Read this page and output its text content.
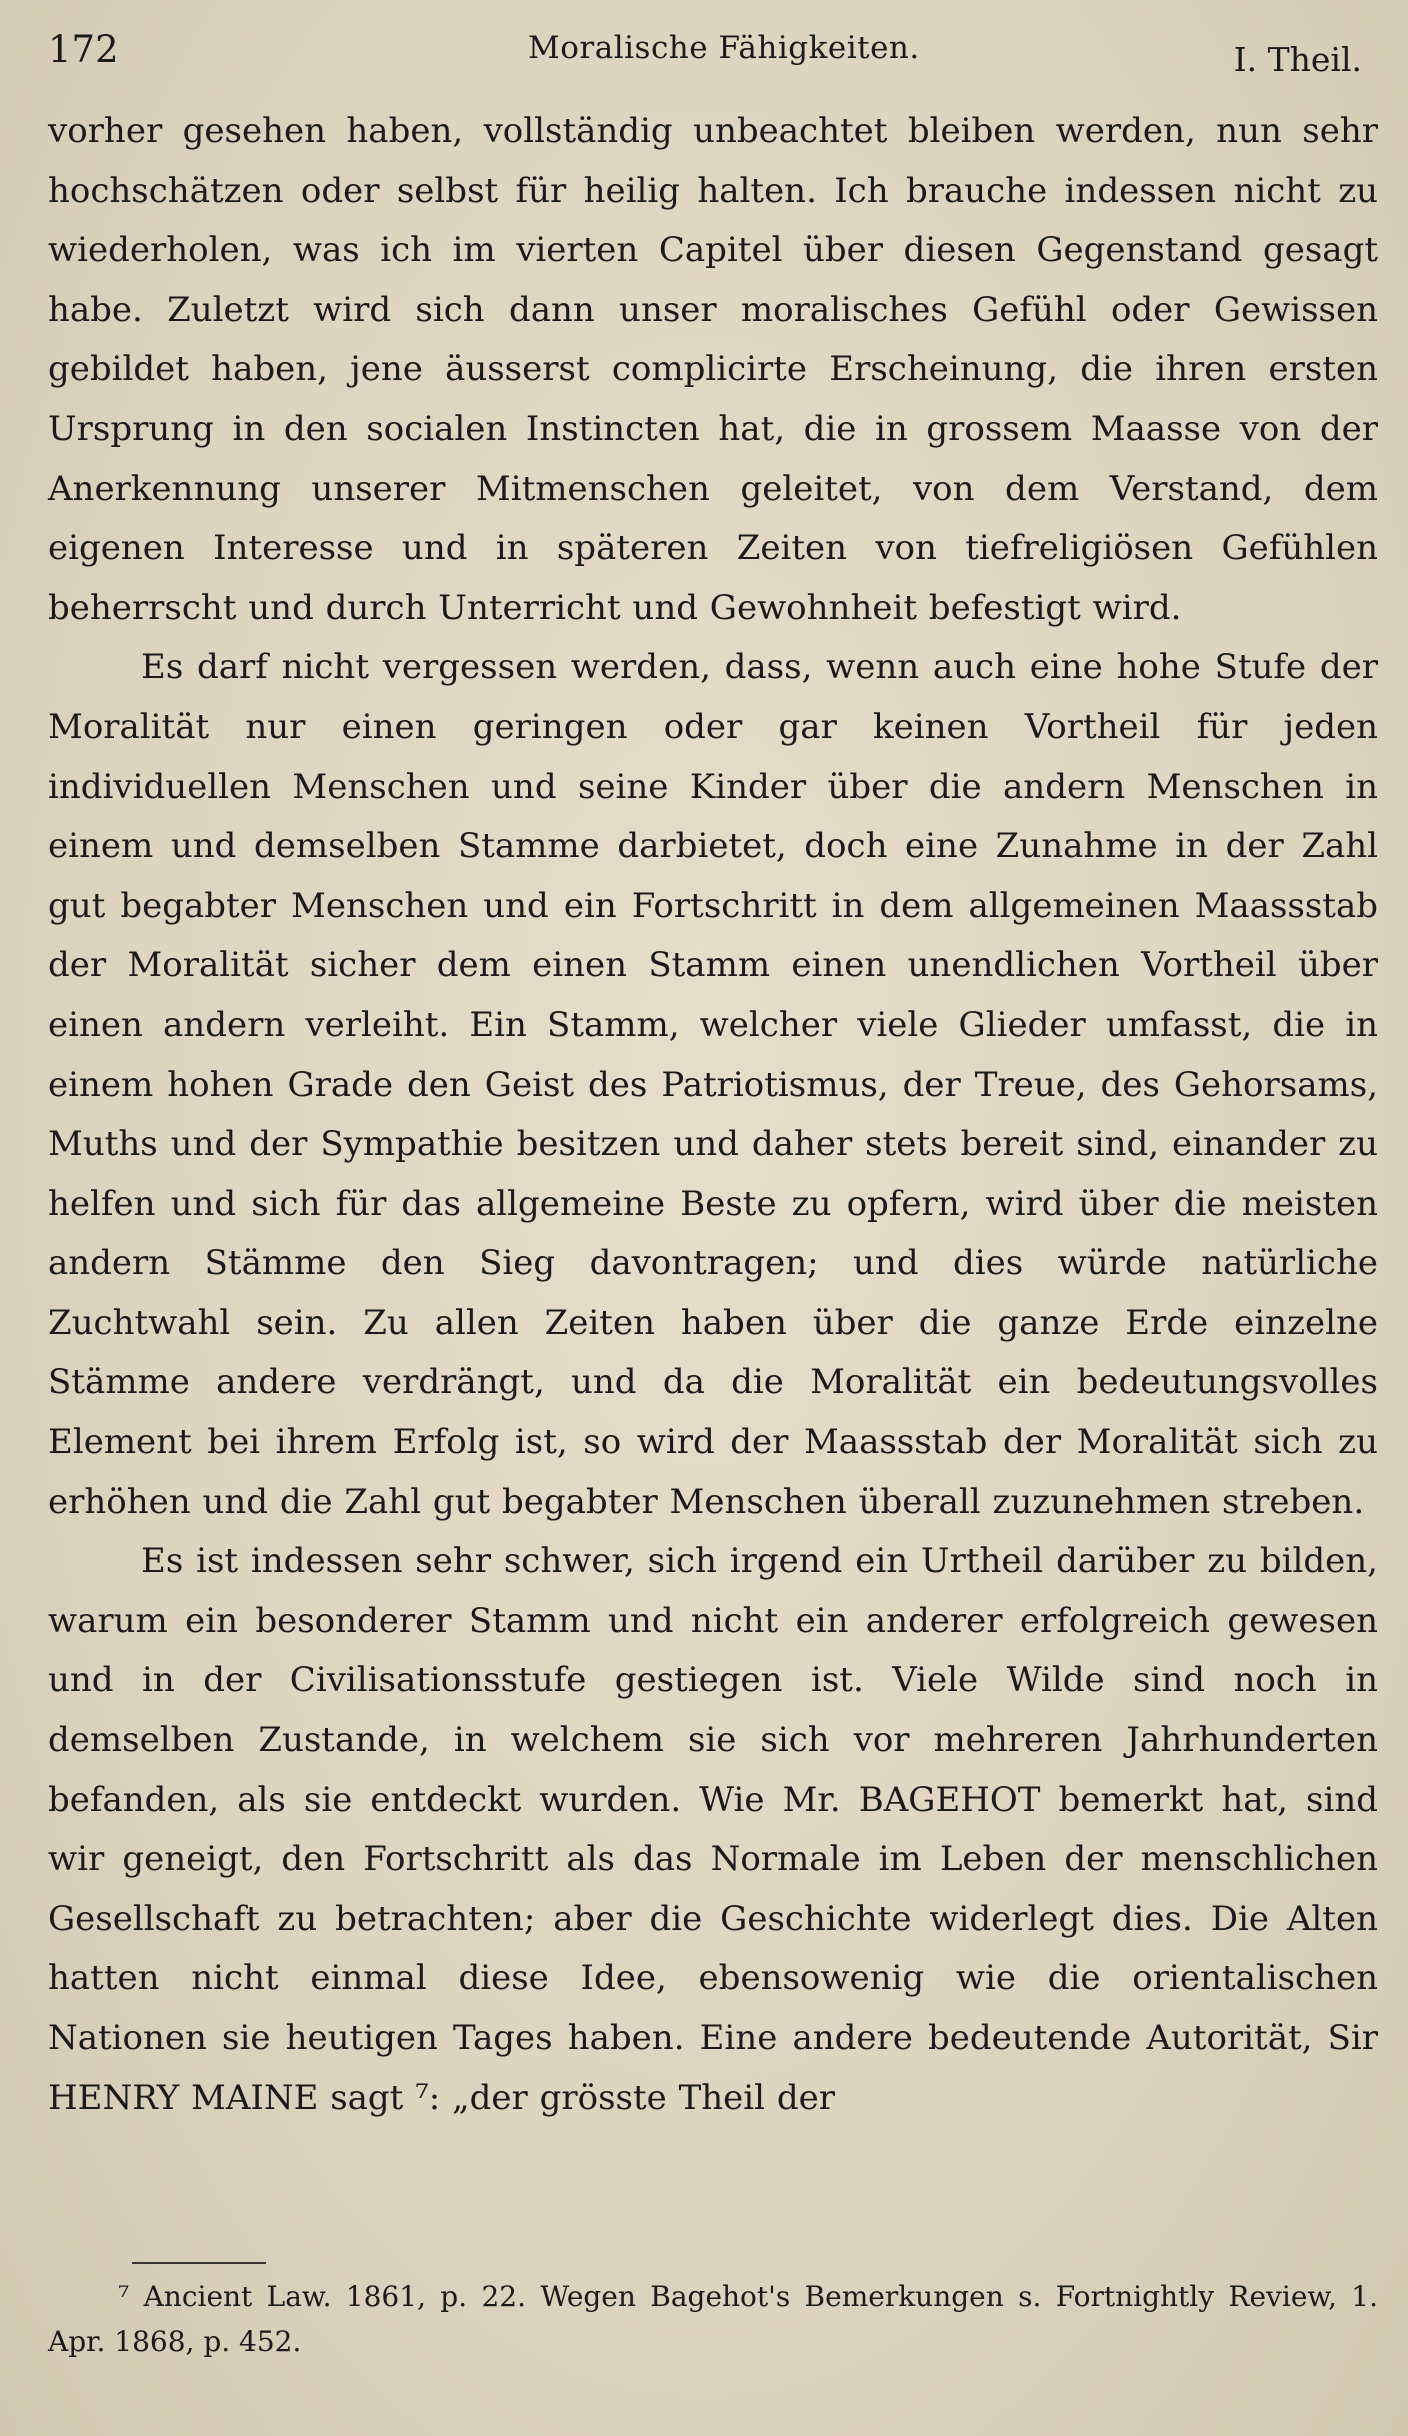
172	Moralische Fähigkeiten.	I. Theil.

vorher gesehen haben, vollständig unbeachtet bleiben werden, nun sehr hochschätzen oder selbst für heilig halten. Ich brauche indessen nicht zu wiederholen, was ich im vierten Capitel über diesen Gegenstand gesagt habe. Zuletzt wird sich dann unser moralisches Gefühl oder Gewissen gebildet haben, jene äusserst complicirte Erscheinung, die ihren ersten Ursprung in den socialen Instincten hat, die in grossem Maasse von der Anerkennung unserer Mitmenschen geleitet, von dem Verstand, dem eigenen Interesse und in späteren Zeiten von tiefreligiösen Gefühlen beherrscht und durch Unterricht und Gewohnheit befestigt wird.

Es darf nicht vergessen werden, dass, wenn auch eine hohe Stufe der Moralität nur einen geringen oder gar keinen Vortheil für jeden individuellen Menschen und seine Kinder über die andern Menschen in einem und demselben Stamme darbietet, doch eine Zunahme in der Zahl gut begabter Menschen und ein Fortschritt in dem allgemeinen Maassstab der Moralität sicher dem einen Stamm einen unendlichen Vortheil über einen andern verleiht. Ein Stamm, welcher viele Glieder umfasst, die in einem hohen Grade den Geist des Patriotismus, der Treue, des Gehorsams, Muths und der Sympathie besitzen und daher stets bereit sind, einander zu helfen und sich für das allgemeine Beste zu opfern, wird über die meisten andern Stämme den Sieg davontragen; und dies würde natürliche Zuchtwahl sein. Zu allen Zeiten haben über die ganze Erde einzelne Stämme andere verdrängt, und da die Moralität ein bedeutungsvolles Element bei ihrem Erfolg ist, so wird der Maassstab der Moralität sich zu erhöhen und die Zahl gut begabter Menschen überall zuzunehmen streben.

Es ist indessen sehr schwer, sich irgend ein Urtheil darüber zu bilden, warum ein besonderer Stamm und nicht ein anderer erfolgreich gewesen und in der Civilisationsstufe gestiegen ist. Viele Wilde sind noch in demselben Zustande, in welchem sie sich vor mehreren Jahrhunderten befanden, als sie entdeckt wurden. Wie Mr. BAGEHOT bemerkt hat, sind wir geneigt, den Fortschritt als das Normale im Leben der menschlichen Gesellschaft zu betrachten; aber die Geschichte widerlegt dies. Die Alten hatten nicht einmal diese Idee, ebensowenig wie die orientalischen Nationen sie heutigen Tages haben. Eine andere bedeutende Autorität, Sir HENRY MAINE sagt ⁷: „der grösste Theil der

⁷ Ancient Law. 1861, p. 22. Wegen Bagehot's Bemerkungen s. Fortnightly Review, 1. Apr. 1868, p. 452.
